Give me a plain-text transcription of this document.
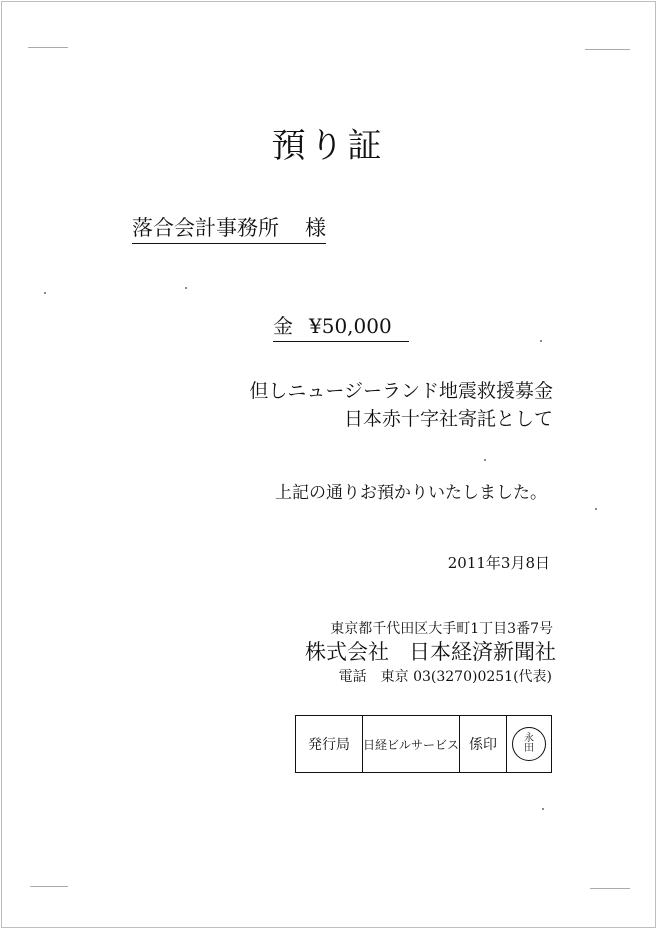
預り証
落合会計事務所 様
金 ¥50,000
但しニュージーランド地震救援募金
日本赤十字社寄託として
上記の通りお預かりいたしました。
2011年3月8日
東京都千代田区大手町1丁目3番7号
株式会社 日本経済新聞社
電話 東京 03(3270)0251(代表)
発行局	日経ビルサービス 係印	永
田
